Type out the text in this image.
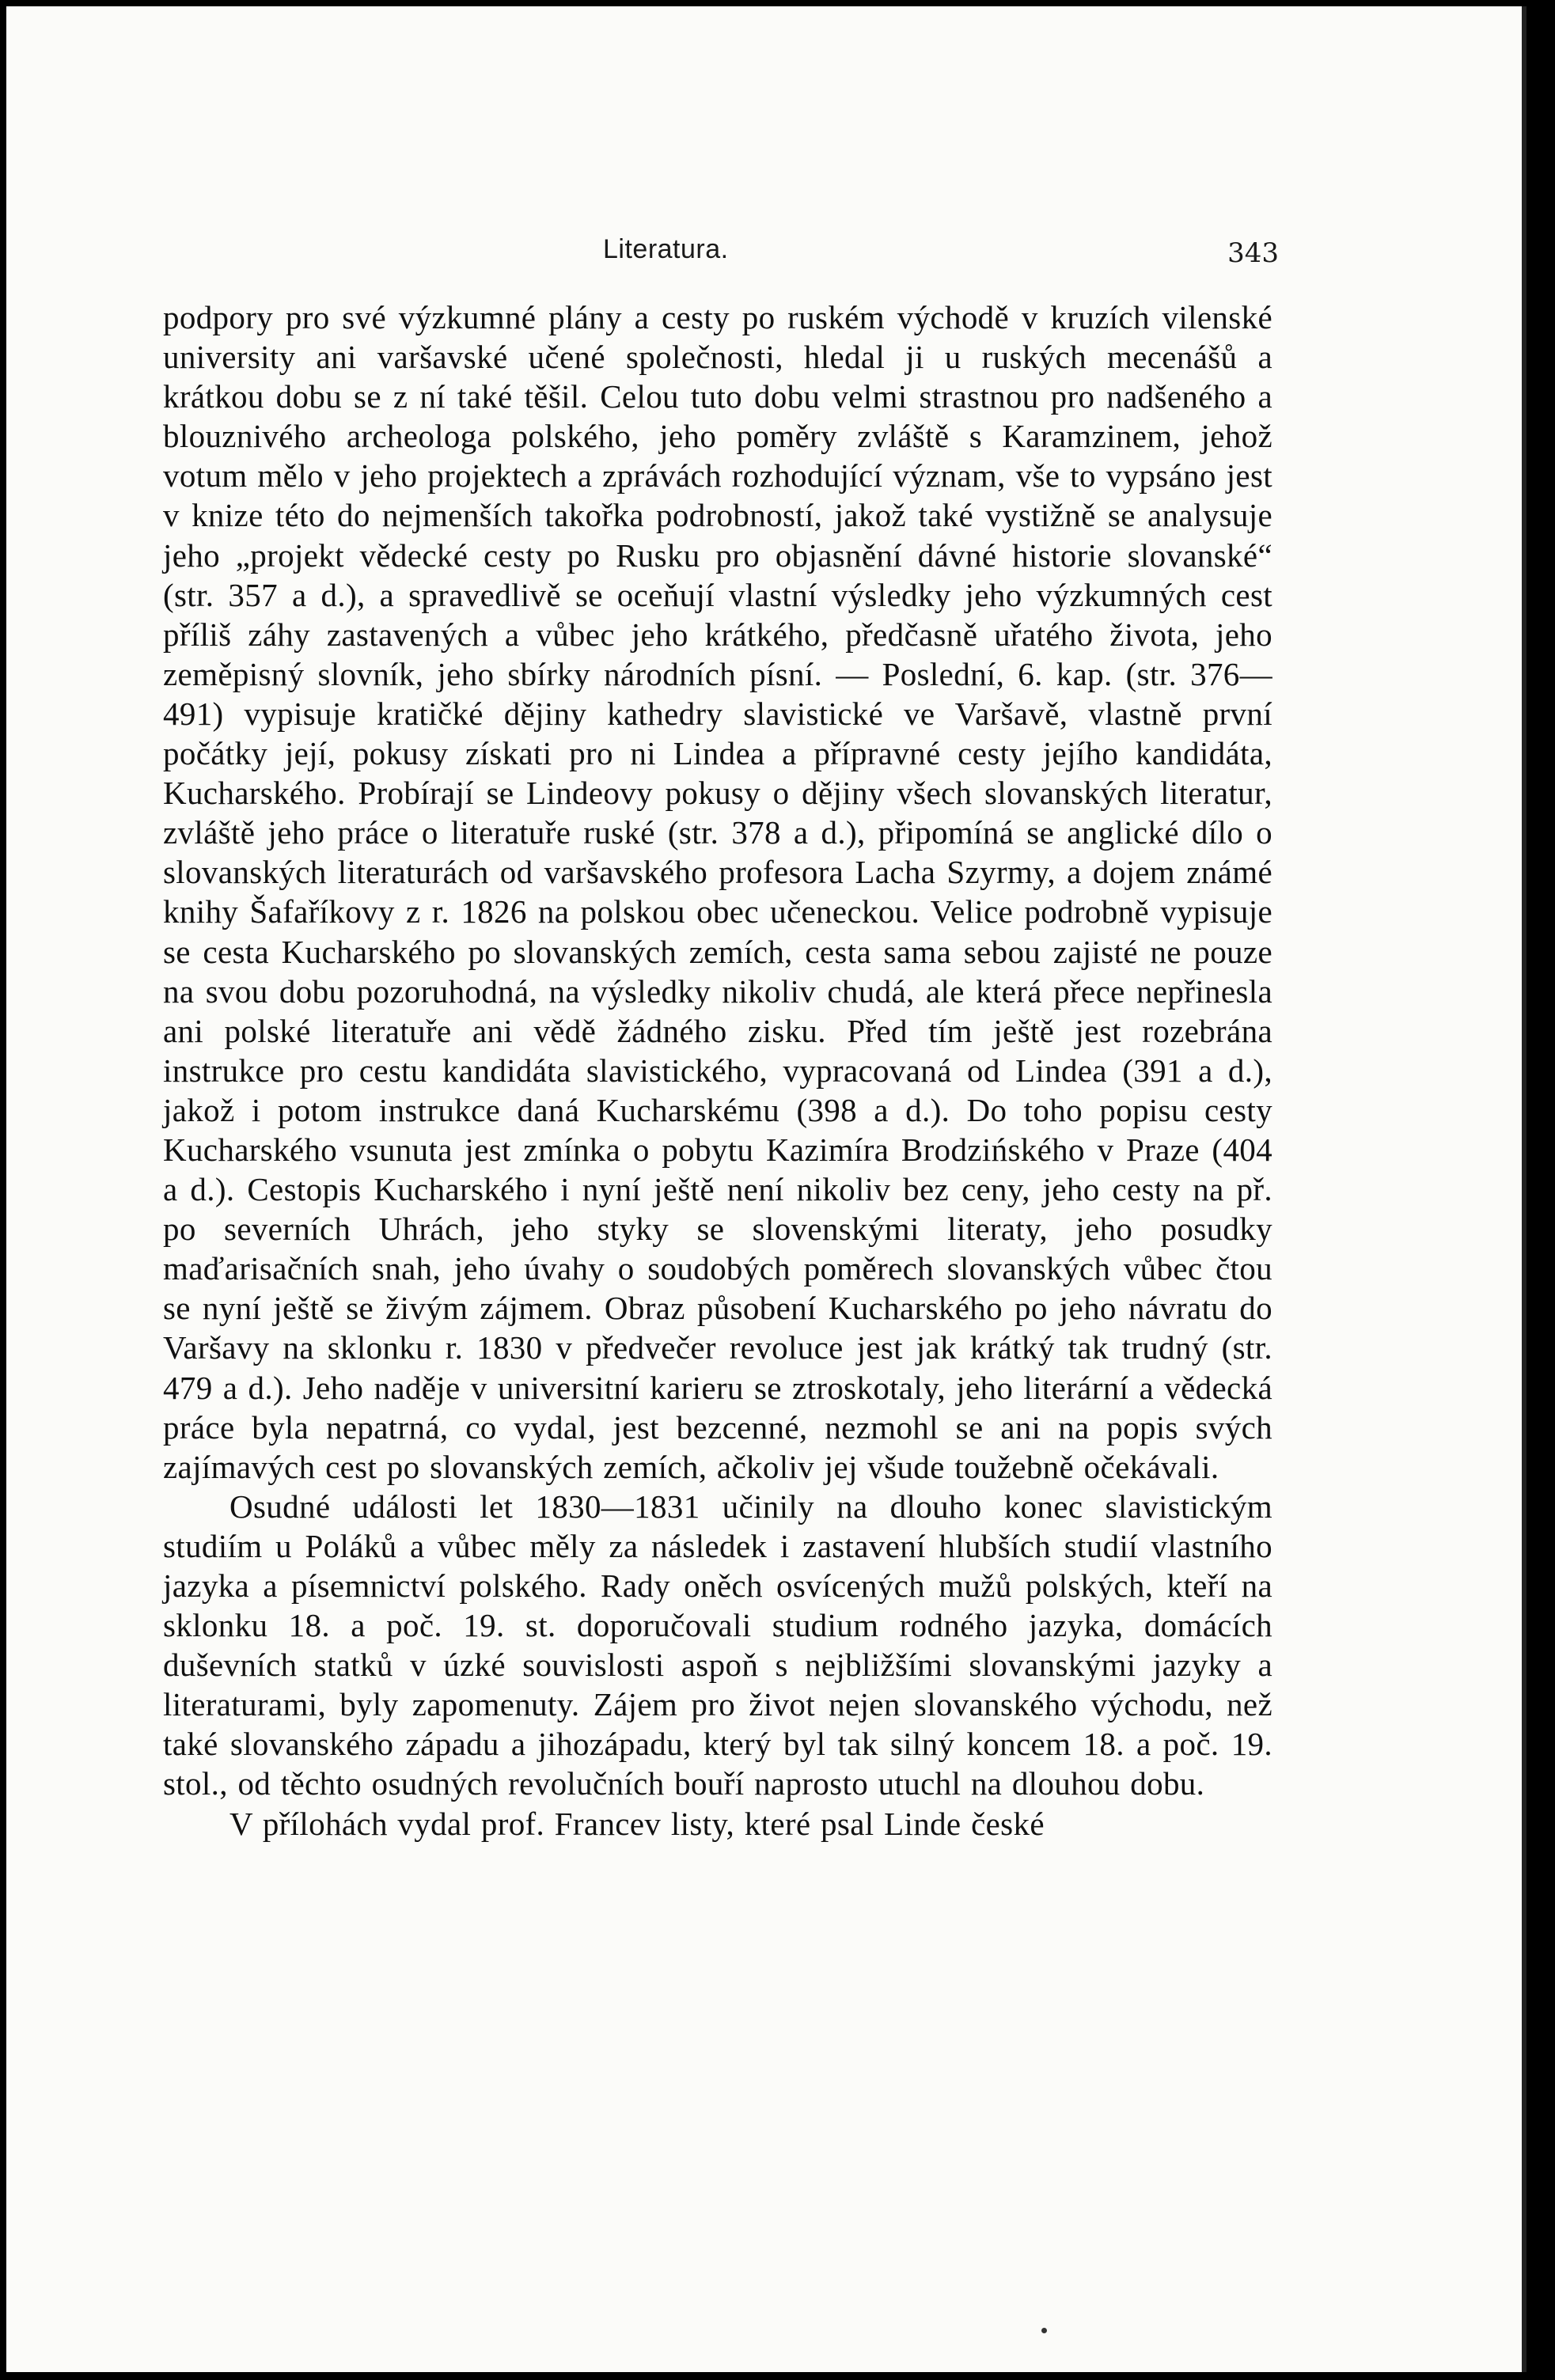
Literatura.	343

podpory pro své výzkumné plány a cesty po ruském východě v kruzích vilenské university ani varšavské učené společnosti, hledal ji u ruských mecenášů a krátkou dobu se z ní také těšil. Celou tuto dobu velmi strastnou pro nadšeného a blouznivého archeologa polského, jeho poměry zvláště s Karamzinem, jehož votum mělo v jeho projektech a zprávách rozhodující význam, vše to vypsáno jest v knize této do nejmenších takořka podrobností, jakož také vystižně se analysuje jeho „projekt vědecké cesty po Rusku pro objasnění dávné historie slovanské“ (str. 357 a d.), a spravedlivě se oceňují vlastní výsledky jeho výzkumných cest příliš záhy zastavených a vůbec jeho krátkého, předčasně uřatého života, jeho zeměpisný slovník, jeho sbírky národních písní. — Poslední, 6. kap. (str. 376—491) vypisuje kratičké dějiny kathedry slavistické ve Varšavě, vlastně první počátky její, pokusy získati pro ni Lindea a přípravné cesty jejího kandidáta, Kucharského. Probírají se Lindeovy pokusy o dějiny všech slovanských literatur, zvláště jeho práce o literatuře ruské (str. 378 a d.), připomíná se anglické dílo o slovanských literaturách od varšavského profesora Lacha Szyrmy, a dojem známé knihy Šafaříkovy z r. 1826 na polskou obec učeneckou. Velice podrobně vypisuje se cesta Kucharského po slovanských zemích, cesta sama sebou zajisté ne pouze na svou dobu pozoruhodná, na výsledky nikoliv chudá, ale která přece nepřinesla ani polské literatuře ani vědě žádného zisku. Před tím ještě jest rozebrána instrukce pro cestu kandidáta slavistického, vypracovaná od Lindea (391 a d.), jakož i potom instrukce daná Kucharskému (398 a d.). Do toho popisu cesty Kucharského vsunuta jest zmínka o pobytu Kazimíra Brodzińského v Praze (404 a d.). Cestopis Kucharského i nyní ještě není nikoliv bez ceny, jeho cesty na př. po severních Uhrách, jeho styky se slovenskými literaty, jeho posudky maďarisačních snah, jeho úvahy o soudobých poměrech slovanských vůbec čtou se nyní ještě se živým zájmem. Obraz působení Kucharského po jeho návratu do Varšavy na sklonku r. 1830 v předvečer revoluce jest jak krátký tak trudný (str. 479 a d.). Jeho naděje v universitní karieru se ztroskotaly, jeho literární a vědecká práce byla nepatrná, co vydal, jest bezcenné, nezmohl se ani na popis svých zajímavých cest po slovanských zemích, ačkoliv jej všude toužebně očekávali.

Osudné události let 1830—1831 učinily na dlouho konec slavistickým studiím u Poláků a vůbec měly za následek i zastavení hlubších studií vlastního jazyka a písemnictví polského. Rady oněch osvícených mužů polských, kteří na sklonku 18. a poč. 19. st. doporučovali studium rodného jazyka, domácích duševních statků v úzké souvislosti aspoň s nejbližšími slovanskými jazyky a literaturami, byly zapomenuty. Zájem pro život nejen slovanského východu, než také slovanského západu a jihozápadu, který byl tak silný koncem 18. a poč. 19. stol., od těchto osudných revolučních bouří naprosto utuchl na dlouhou dobu.

V přílohách vydal prof. Francev listy, které psal Linde české
